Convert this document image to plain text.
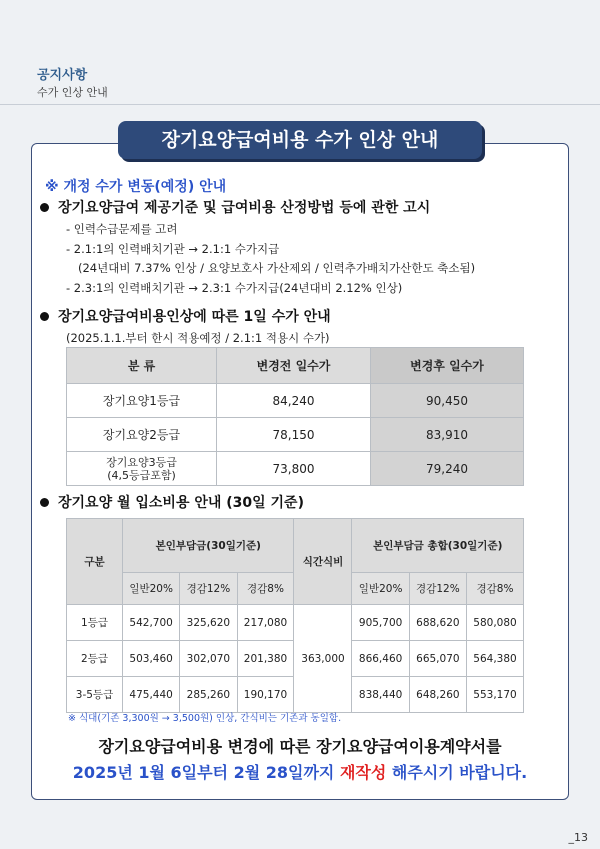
공지사항
수가 인상 안내
장기요양급여비용 수가 인상 안내
※ 개정 수가 변동(예정) 안내
장기요양급여 제공기준 및 급여비용 산정방법 등에 관한 고시
- 인력수급문제를 고려
- 2.1:1의 인력배치기관 → 2.1:1 수가지급
(24년대비 7.37% 인상 / 요양보호사 가산제외 / 인력추가배치가산한도 축소됨)
- 2.3:1의 인력배치기관 → 2.3:1 수가지급(24년대비 2.12% 인상)
장기요양급여비용인상에 따른 1일 수가 안내
(2025.1.1.부터 한시 적용예정 / 2.1:1 적용시 수가)
분 류	변경전 일수가	변경후 일수가
장기요양1등급	84,240	90,450
장기요양2등급	78,150	83,910

장기요양3등급
(4,5등급포함)	73,800	79,240
장기요양 월 입소비용 안내 (30일 기준)
구분	본인부담금(30일기준)			식간식비	본인부담금 총합(30일기준)		
	일반20%	경감12%	경감8%		일반20%	경감12%	경감8%
1등급	542,700	325,620	217,080	363,000	905,700	688,620	580,080
2등급	503,460	302,070	201,380		866,460	665,070	564,380
3-5등급	475,440	285,260	190,170		838,440	648,260	553,170
※ 식대(기존 3,300원 → 3,500원) 인상, 간식비는 기존과 동일함.
장기요양급여비용 변경에 따른 장기요양급여이용계약서를
2025년 1월 6일부터 2월 28일까지 재작성 해주시기 바랍니다.
_13
